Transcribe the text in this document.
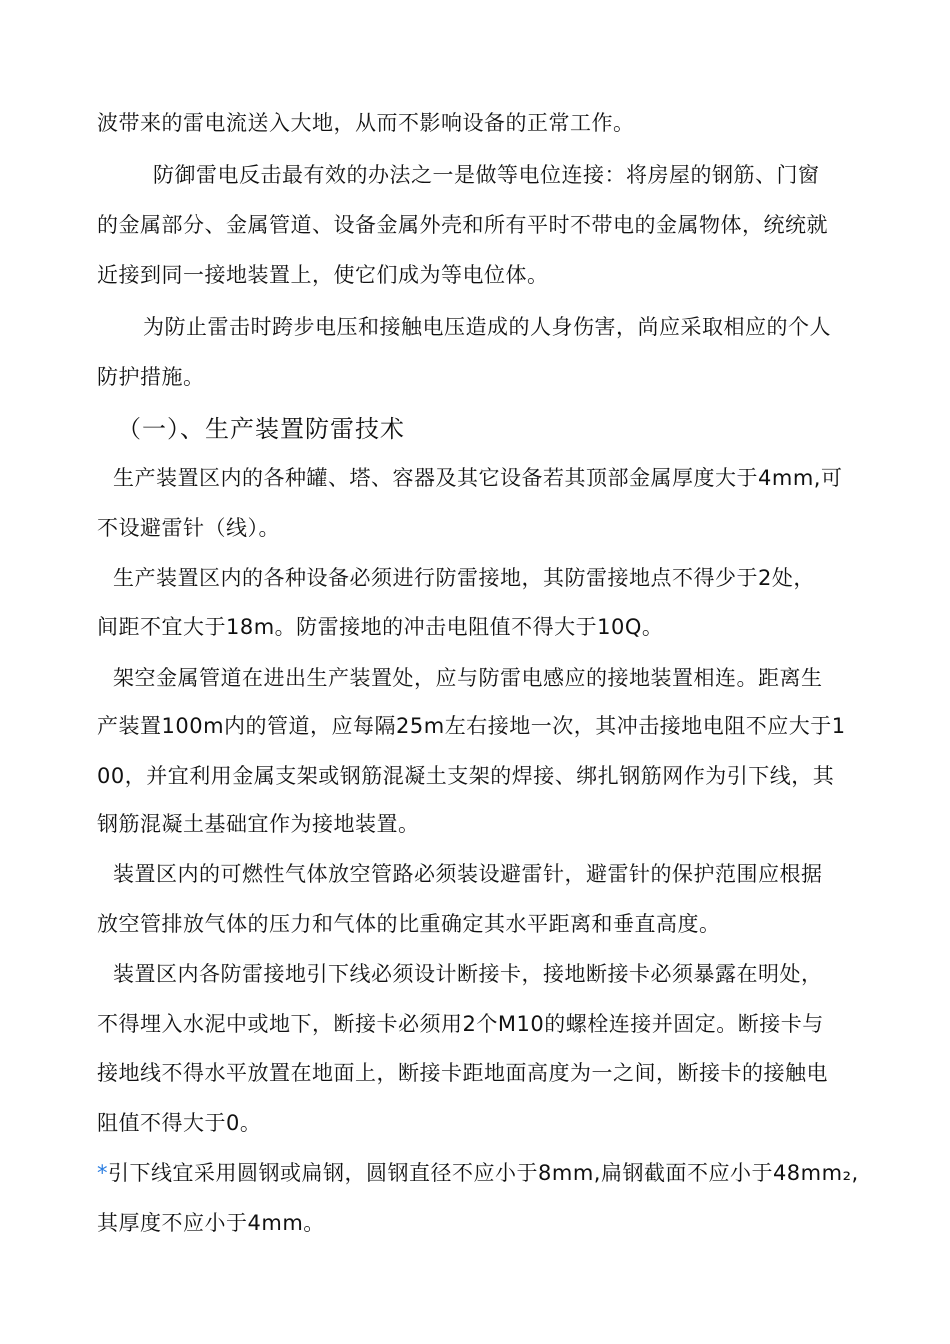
波带来的雷电流送入大地，从而不影响设备的正常工作。
防御雷电反击最有效的办法之一是做等电位连接：将房屋的钢筋、门窗
的金属部分、金属管道、设备金属外壳和所有平时不带电的金属物体，统统就
近接到同一接地装置上，使它们成为等电位体。
为防止雷击时跨步电压和接触电压造成的人身伤害，尚应采取相应的个人
防护措施。
（一）、生产装置防雷技术
生产装置区内的各种罐、塔、容器及其它设备若其顶部金属厚度大于4mm,可
不设避雷针（线）。
生产装置区内的各种设备必须进行防雷接地，其防雷接地点不得少于2处，
间距不宜大于18m。防雷接地的冲击电阻值不得大于10Q。
架空金属管道在进出生产装置处，应与防雷电感应的接地装置相连。距离生
产装置100m内的管道，应每隔25m左右接地一次，其冲击接地电阻不应大于1
00，并宜利用金属支架或钢筋混凝土支架的焊接、绑扎钢筋网作为引下线，其
钢筋混凝土基础宜作为接地装置。
装置区内的可燃性气体放空管路必须装设避雷针，避雷针的保护范围应根据
放空管排放气体的压力和气体的比重确定其水平距离和垂直高度。
装置区内各防雷接地引下线必须设计断接卡，接地断接卡必须暴露在明处，
不得埋入水泥中或地下，断接卡必须用2个M10的螺栓连接并固定。断接卡与
接地线不得水平放置在地面上，断接卡距地面高度为一之间，断接卡的接触电
阻值不得大于0。
*引下线宜采用圆钢或扁钢，圆钢直径不应小于8mm,扁钢截面不应小于48mm₂,
其厚度不应小于4mm。
